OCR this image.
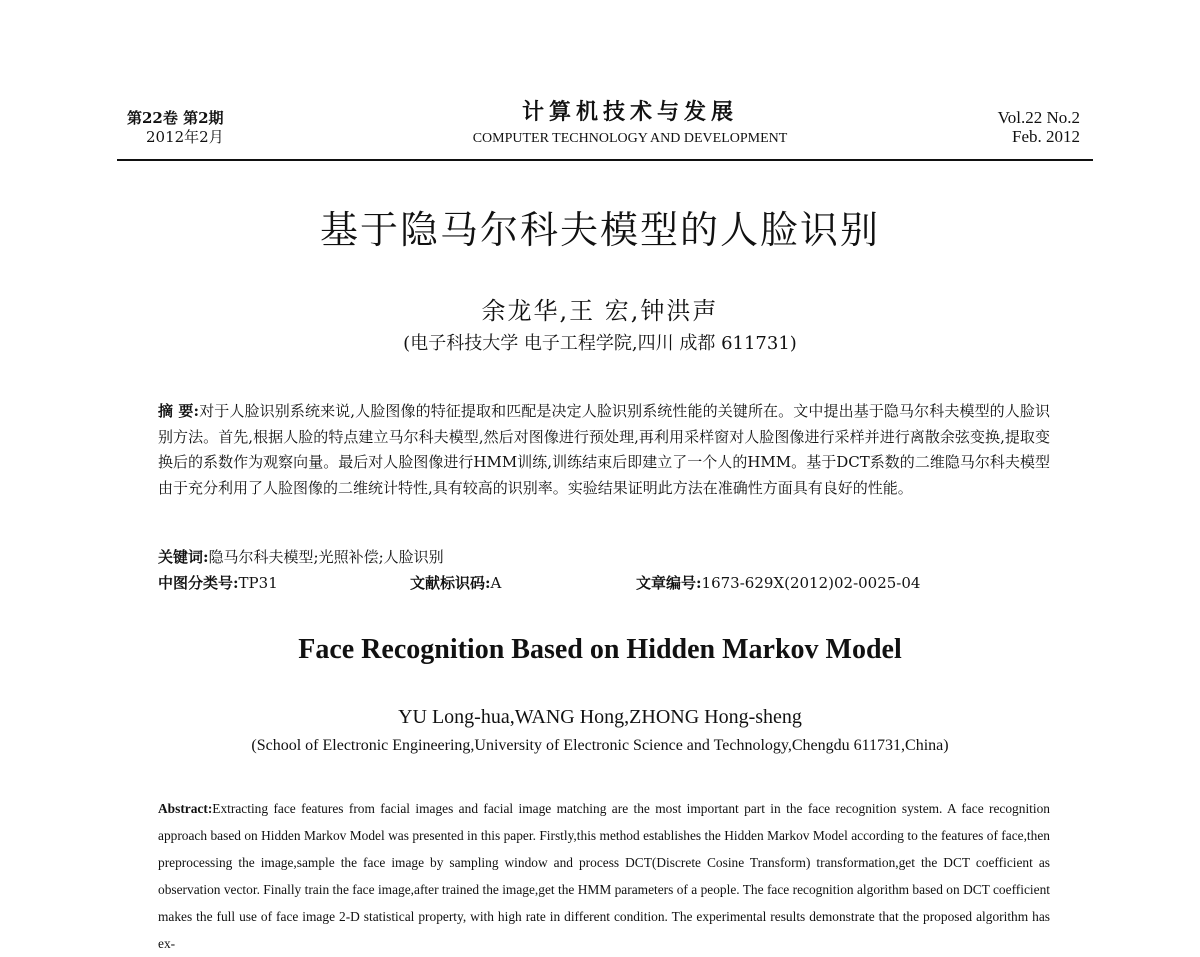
第22卷 第2期
2012年2月
计算机技术与发展
COMPUTER TECHNOLOGY AND DEVELOPMENT
Vol.22 No.2
Feb. 2012
基于隐马尔科夫模型的人脸识别
余龙华,王 宏,钟洪声
(电子科技大学 电子工程学院,四川 成都 611731)
摘 要:对于人脸识别系统来说,人脸图像的特征提取和匹配是决定人脸识别系统性能的关键所在。文中提出基于隐马尔科夫模型的人脸识别方法。首先,根据人脸的特点建立马尔科夫模型,然后对图像进行预处理,再利用采样窗对人脸图像进行采样并进行离散余弦变换,提取变换后的系数作为观察向量。最后对人脸图像进行HMM训练,训练结束后即建立了一个人的HMM。基于DCT系数的二维隐马尔科夫模型由于充分利用了人脸图像的二维统计特性,具有较高的识别率。实验结果证明此方法在准确性方面具有良好的性能。
关键词:隐马尔科夫模型;光照补偿;人脸识别
中图分类号:TP31	文献标识码:A	文章编号:1673-629X(2012)02-0025-04
Face Recognition Based on Hidden Markov Model
YU Long-hua,WANG Hong,ZHONG Hong-sheng
(School of Electronic Engineering,University of Electronic Science and Technology,Chengdu 611731,China)
Abstract:Extracting face features from facial images and facial image matching are the most important part in the face recognition system. A face recognition approach based on Hidden Markov Model was presented in this paper. Firstly,this method establishes the Hidden Markov Model according to the features of face,then preprocessing the image,sample the face image by sampling window and process DCT(Discrete Cosine Transform) transformation,get the DCT coefficient as observation vector. Finally train the face image,after trained the image,get the HMM parameters of a people. The face recognition algorithm based on DCT coefficient makes the full use of face image 2-D statistical property, with high rate in different condition. The experimental results demonstrate that the proposed algorithm has ex-
